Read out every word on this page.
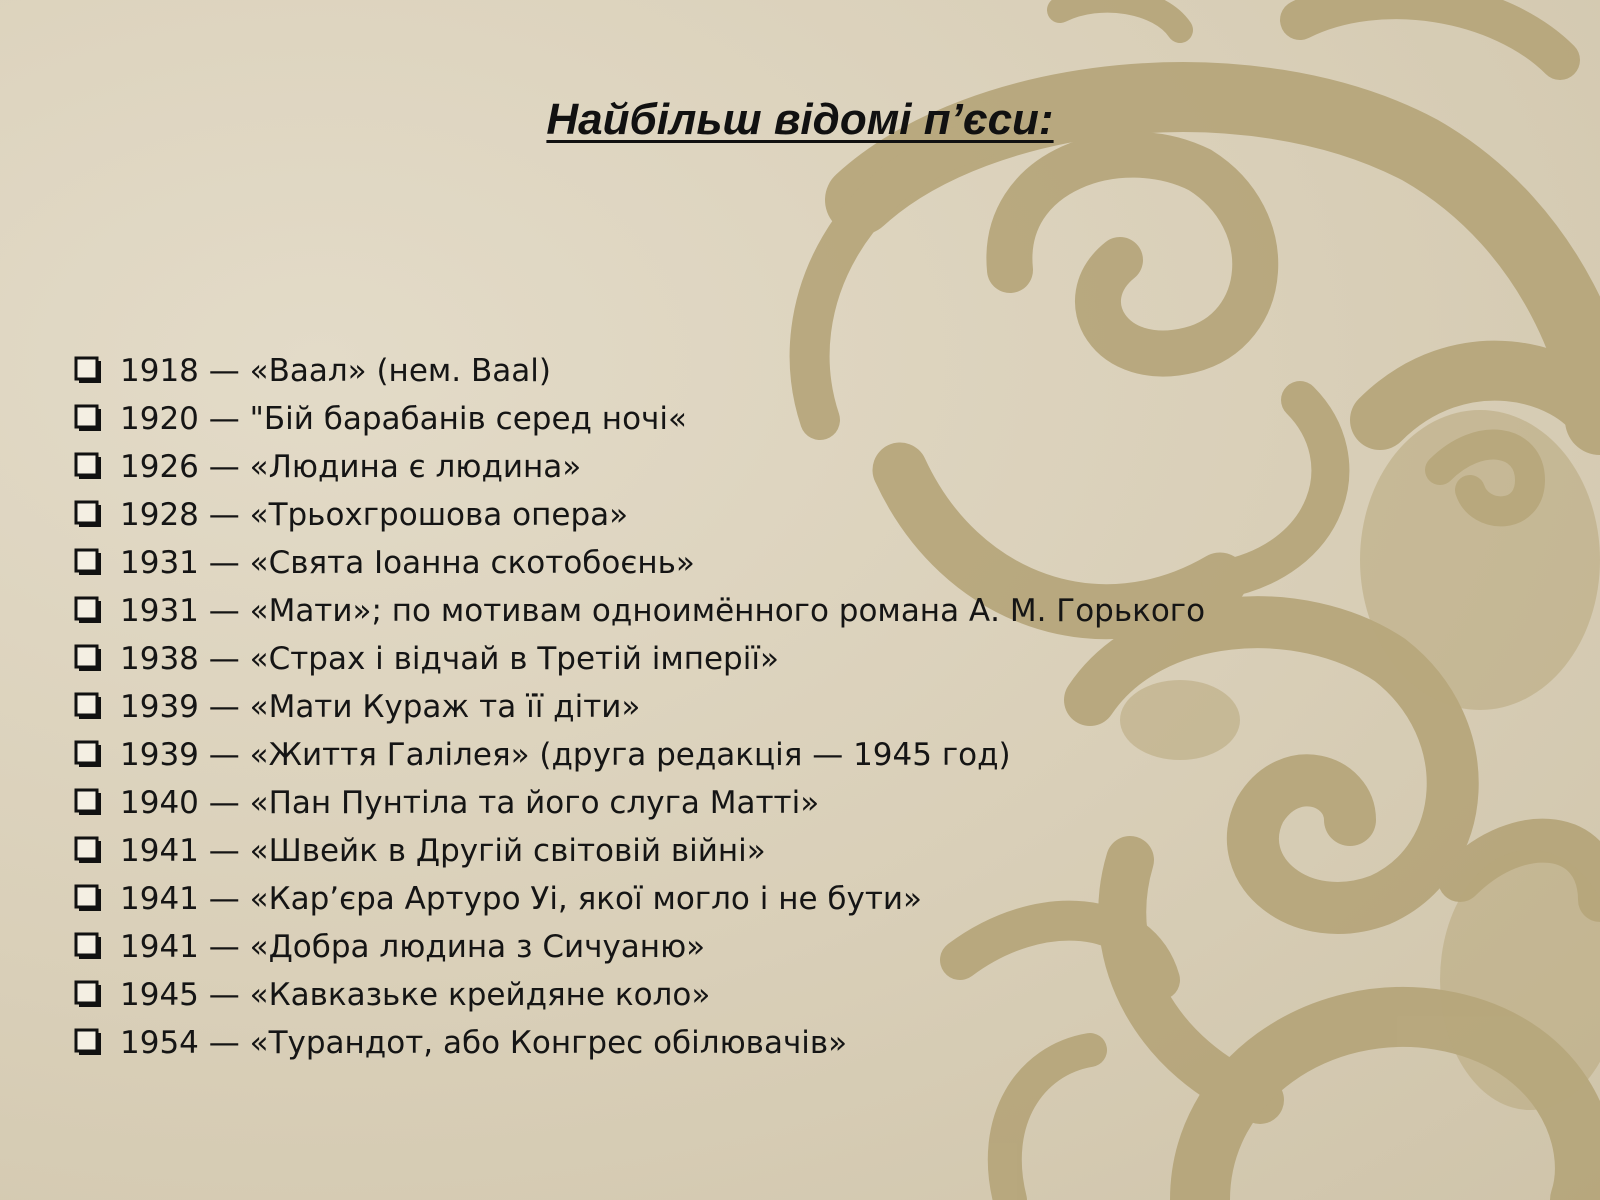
Найбільш відомі п’єси:
1918 — «Ваал» (нем. Baal)
1920 — "Бій барабанів серед ночі«
1926 — «Людина є людина»
1928 — «Трьохгрошова опера»
1931 — «Свята Іоанна скотобоєнь»
1931 — «Мати»; по мотивам одноимённого романа А. М. Горького
1938 — «Страх і відчай в Третій імперії»
1939 — «Мати Кураж та її діти»
1939 — «Життя Галілея» (друга редакція — 1945 год)
1940 — «Пан Пунтіла та його слуга Матті»
1941 — «Швейк в Другій світовій війні»
1941 — «Кар’єра Артуро Уі, якої могло і не бути»
1941 — «Добра людина з Сичуаню»
1945 — «Кавказьке крейдяне коло»
1954 — «Турандот, або Конгрес обілювачів»
